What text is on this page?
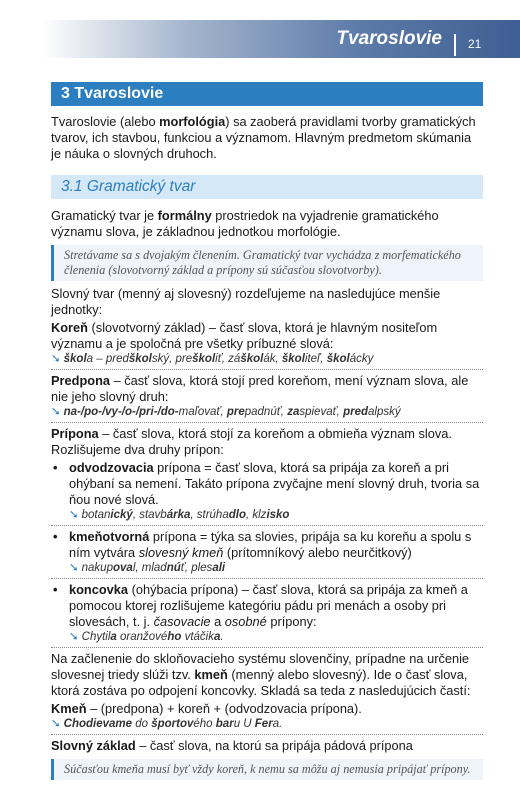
Tvaroslovie 21
3 Tvaroslovie

Tvaroslovie (alebo morfológia) sa zaoberá pravidlami tvorby gramatických tvarov, ich stavbou, funkciou a významom. Hlavným predmetom skúmania je náuka o slovných druhoch.

3.1 Gramatický tvar

Gramatický tvar je formálny prostriedok na vyjadrenie gramatického významu slova, je základnou jednotkou morfológie.

Stretávame sa s dvojakým členením. Gramatický tvar vychádza z morfematického členenia (slovotvorný základ a prípony sú súčasťou slovotvorby).

Slovný tvar (menný aj slovesný) rozdeľujeme na nasledujúce menšie jednotky:

Koreň (slovotvorný základ) – časť slova, ktorá je hlavným nositeľom významu a je spoločná pre všetky príbuzné slová:
➘ škola – predškolský, preškoliť, záškolák, školiteľ, školácky
Predpona – časť slova, ktorá stojí pred koreňom, mení význam slova, ale nie jeho slovný druh:
➘ na-/po-/vy-/o-/pri-/do-maľovať, prepadnúť, zaspievať, predalpský
Prípona – časť slova, ktorá stojí za koreňom a obmieňa význam slova. Rozlišujeme dva druhy prípon:
• odvodzovacia prípona = časť slova, ktorá sa pripája za koreň a pri ohýbaní sa nemení. Takáto prípona zvyčajne mení slovný druh, tvoria sa ňou nové slová.
➘ botanický, stavbárka, strúhadlo, klzisko
• kmeňotvorná prípona = týka sa slovies, pripája sa ku koreňu a spolu s ním vytvára slovesný kmeň (prítomníkový alebo neurčitkový)
➘ nakupoval, mladnúť, plesali
• koncovka (ohýbacia prípona) – časť slova, ktorá sa pripája za kmeň a pomocou ktorej rozlišujeme kategóriu pádu pri menách a osoby pri slovesách, t. j. časovacie a osobné prípony:
➘ Chytila oranžového vtáčika.

Na začlenenie do skloňovacieho systému slovenčiny, prípadne na určenie slovesnej triedy slúži tzv. kmeň (menný alebo slovesný). Ide o časť slova, ktorá zostáva po odpojení koncovky. Skladá sa teda z nasledujúcich častí:

Kmeň – (predpona) + koreň + (odvodzovacia prípona).
➘ Chodievame do športového baru U Fera.
Slovný základ – časť slova, na ktorú sa pripája pádová prípona
Súčasťou kmeňa musí byť vždy koreň, k nemu sa môžu aj nemusia pripájať prípony.
